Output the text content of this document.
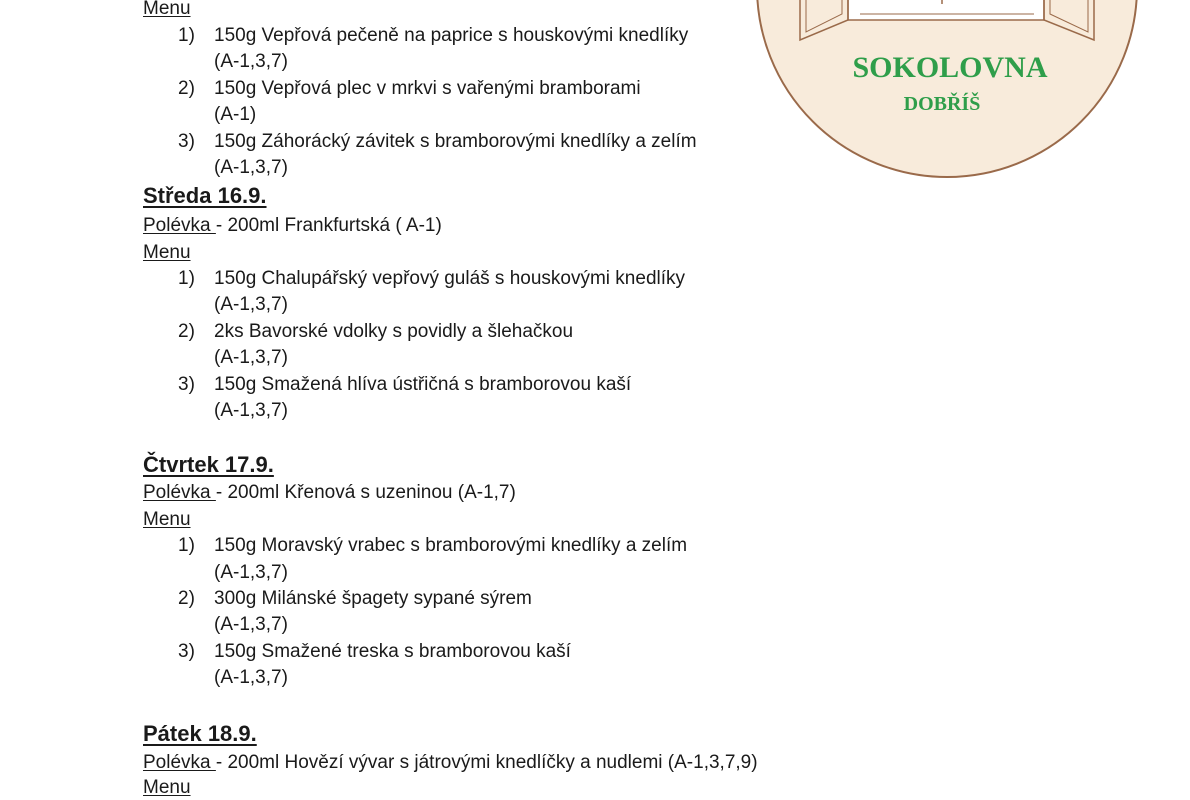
SOKOLOVNA
DOBŘÍŠ
Menu
1) 150g Vepřová pečeně na paprice s houskovými knedlíky
(A-1,3,7)
2) 150g Vepřová plec v mrkvi s vařenými bramborami
(A-1)
3) 150g Záhorácký závitek s bramborovými knedlíky a zelím
(A-1,3,7)
Středa 16.9.
Polévka - 200ml Frankfurtská ( A-1)
Menu
1) 150g Chalupářský vepřový guláš s houskovými knedlíky
(A-1,3,7)
2) 2ks Bavorské vdolky s povidly a šlehačkou
(A-1,3,7)
3) 150g Smažená hlíva ústřičná s bramborovou kaší
(A-1,3,7)
Čtvrtek 17.9.
Polévka - 200ml Křenová s uzeninou (A-1,7)
Menu
1) 150g Moravský vrabec s bramborovými knedlíky a zelím
(A-1,3,7)
2) 300g Milánské špagety sypané sýrem
(A-1,3,7)
3) 150g Smažené treska s bramborovou kaší
(A-1,3,7)
Pátek 18.9.
Polévka - 200ml Hovězí vývar s játrovými knedlíčky a nudlemi (A-1,3,7,9)
Menu
